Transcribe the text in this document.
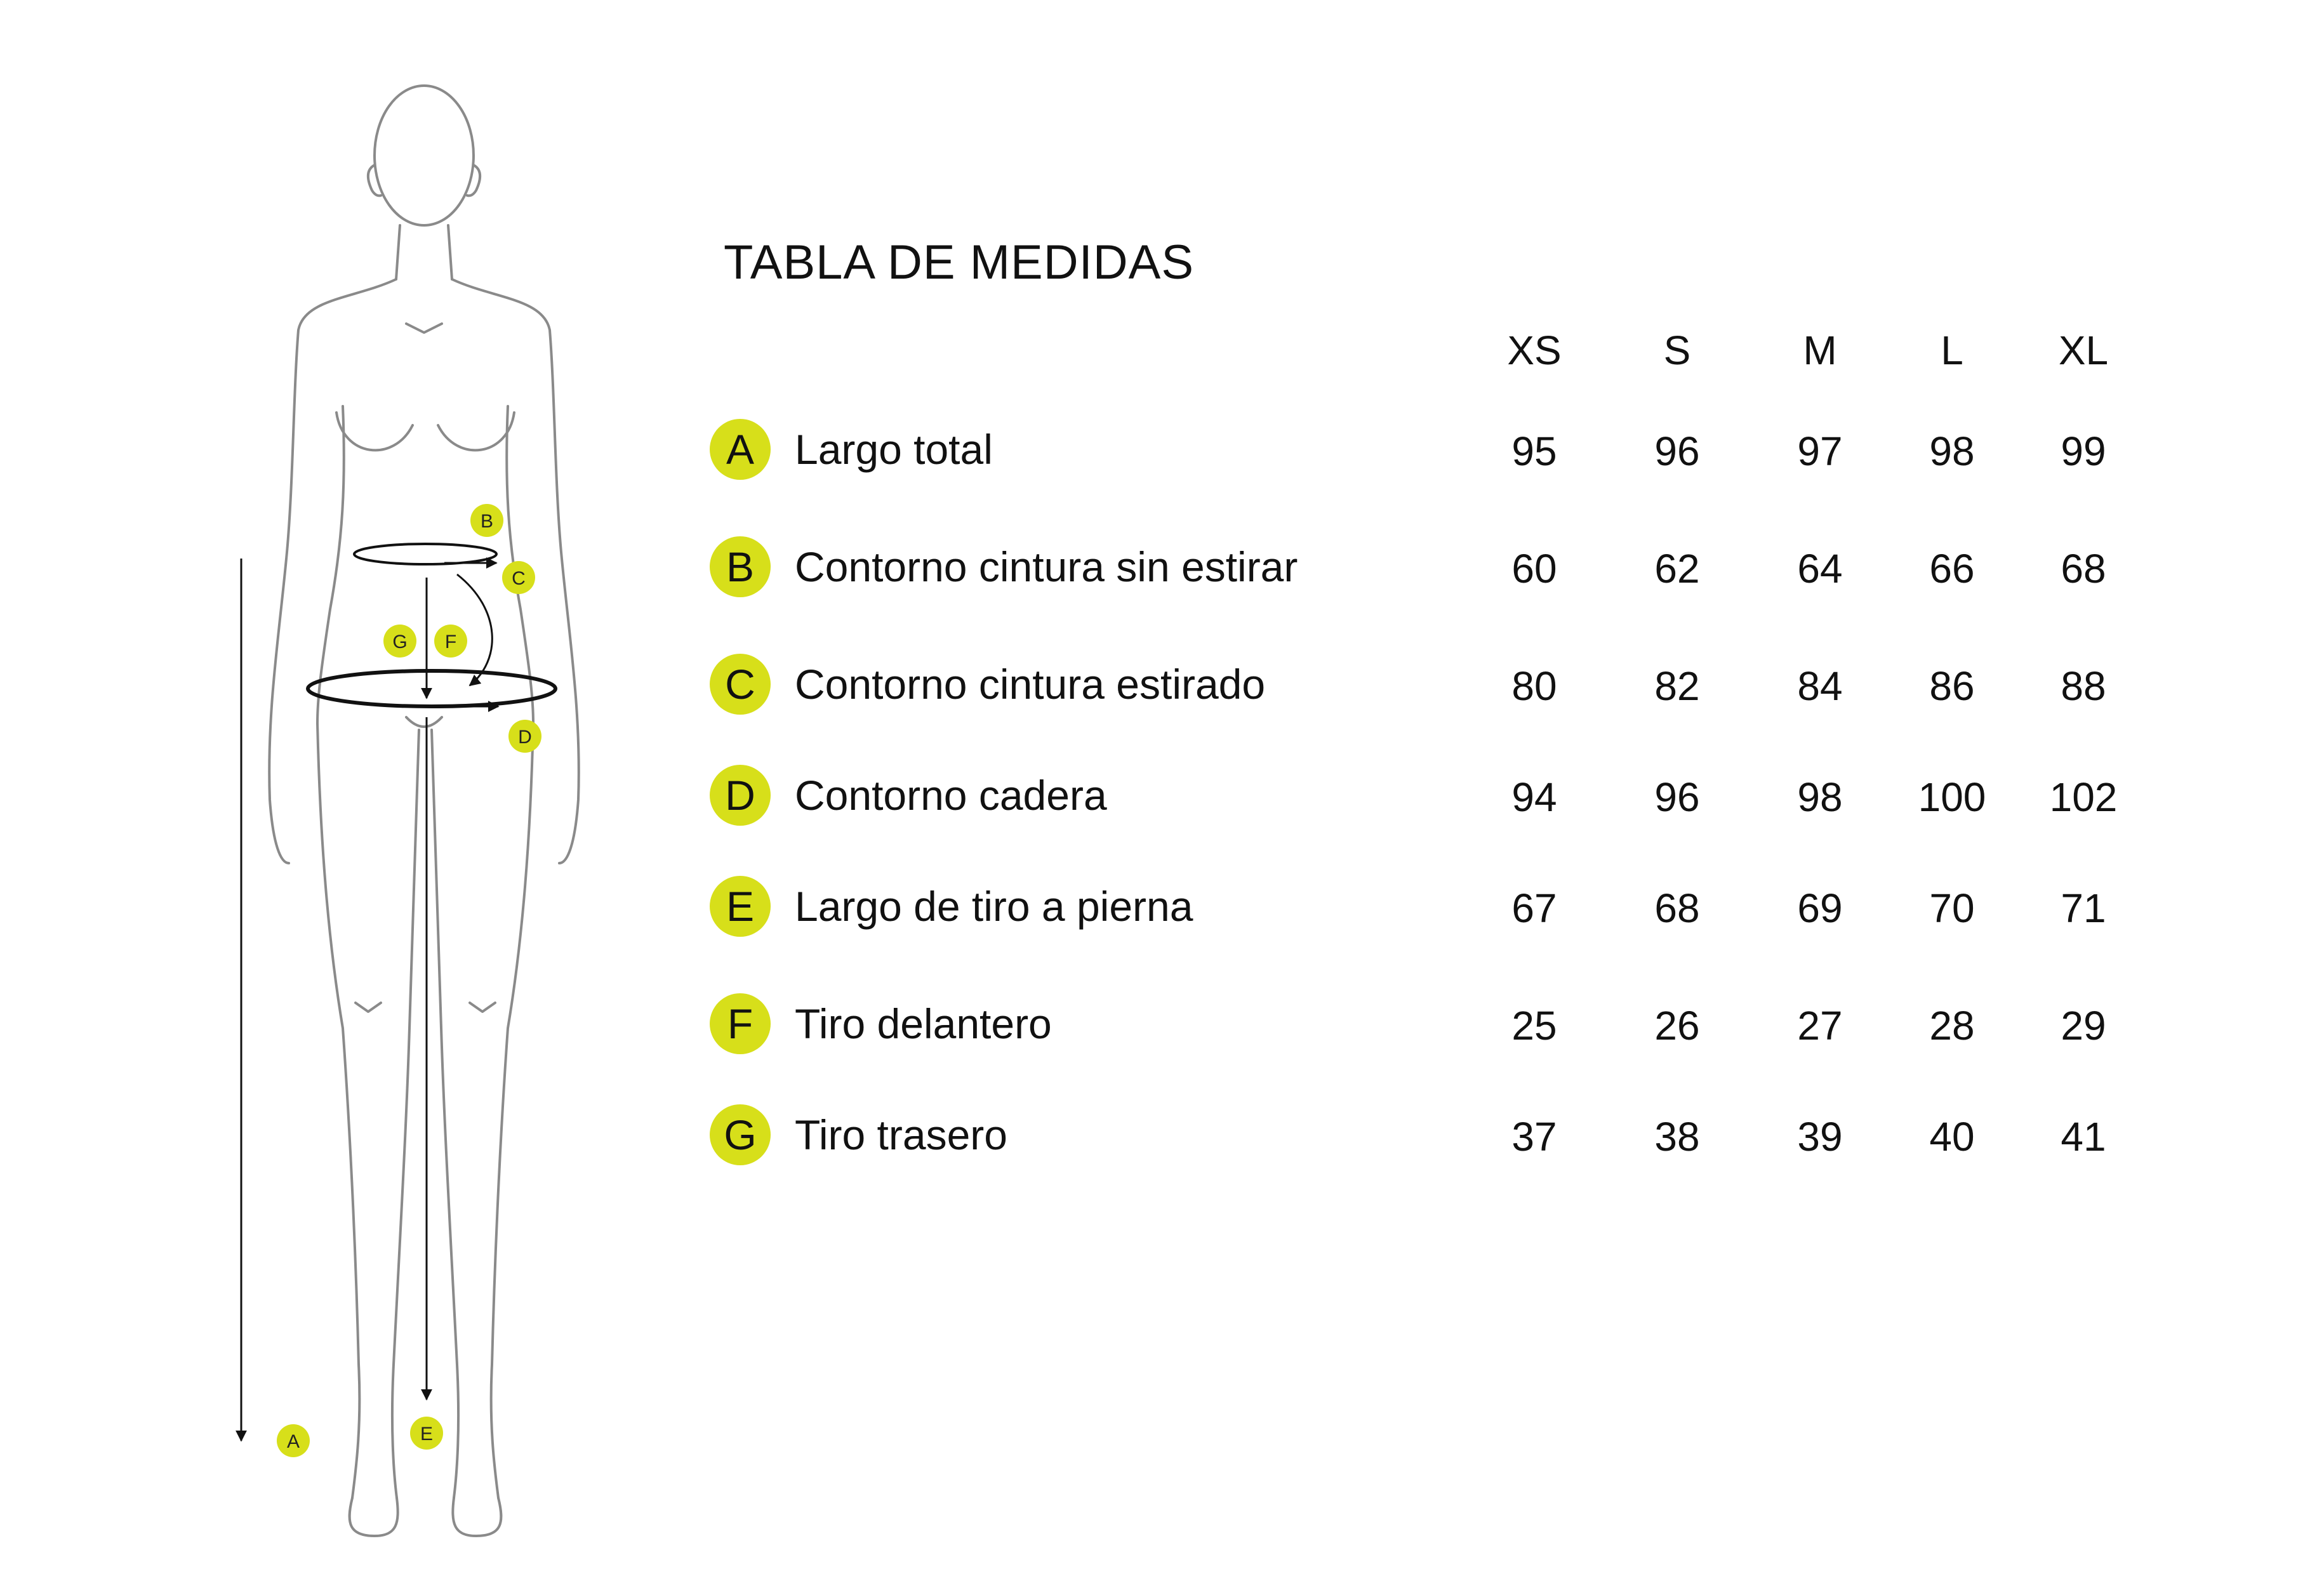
B
C
G F
D
E
A
TABLA DE MEDIDAS
XS	S	M	L	XL
A Largo total	95	96	97	98	99
B Contorno cintura sin estirar	60	62	64	66	68
C Contorno cintura estirado	80	82	84	86	88
D Contorno cadera	94	96	98	100	102
E Largo de tiro a pierna	67	68	69	70	71
F Tiro delantero	25	26	27	28	29
G Tiro trasero	37	38	39	40	41
